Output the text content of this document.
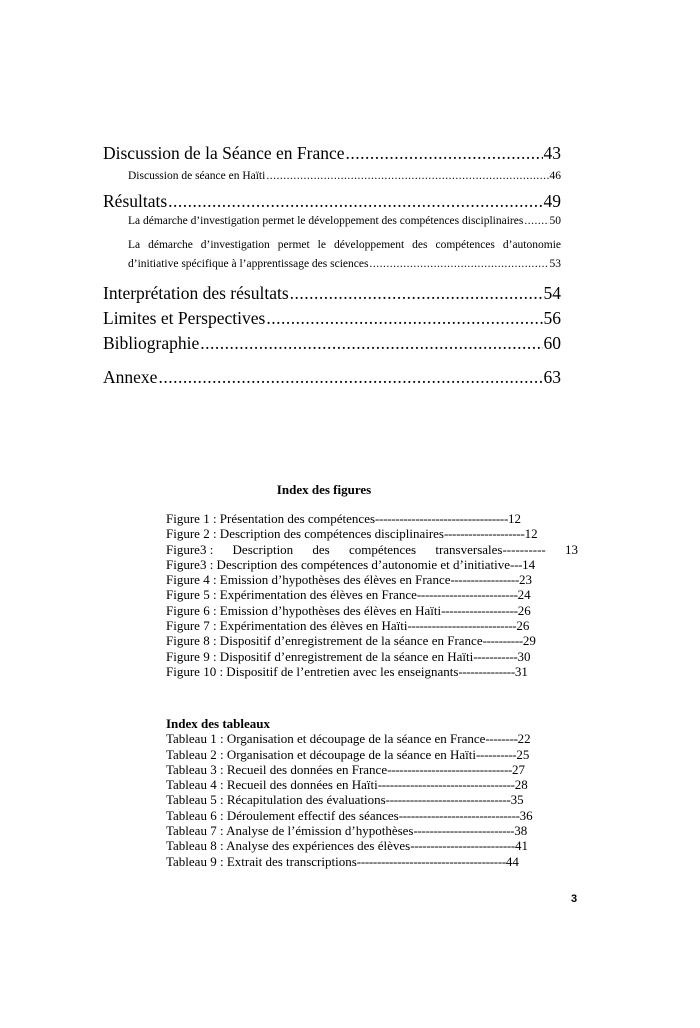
Discussion de la Séance en France .....	43
Discussion de séance en Haïti .....	46
Résultats .....	49
La démarche d’investigation permet le développement des compétences disciplinaires ..... 50
La démarche d’investigation permet le développement des compétences d’autonomie
d’initiative spécifique à l’apprentissage des sciences .....	53
Interprétation des résultats .....	54
Limites et Perspectives .....	56
Bibliographie .....	60
Annexe .....	63
Index des figures
Figure 1 : Présentation des compétences --------------------------------- 12
Figure 2 : Description des compétences disciplinaires -------------------- 12
Figure3 : Description des compétences transversales---------- 13
Figure3 : Description des compétences d’autonomie et d’initiative --- 14
Figure 4 : Emission d’hypothèses des élèves en France ----------------- 23
Figure 5 : Expérimentation des élèves en France ------------------------- 24
Figure 6 : Emission d’hypothèses des élèves en Haïti ------------------- 26
Figure 7 : Expérimentation des élèves en Haïti --------------------------- 26
Figure 8 : Dispositif d’enregistrement de la séance en France ---------- 29
Figure 9 : Dispositif d’enregistrement de la séance en Haïti ----------- 30
Figure 10 : Dispositif de l’entretien avec les enseignants -------------- 31
Index des tableaux
Tableau 1 : Organisation et découpage de la séance en France -------- 22
Tableau 2 : Organisation et découpage de la séance en Haïti ---------- 25
Tableau 3 : Recueil des données en France ------------------------------- 27
Tableau 4 : Recueil des données en Haïti ---------------------------------- 28
Tableau 5 : Récapitulation des évaluations ------------------------------- 35
Tableau 6 : Déroulement effectif des séances ------------------------------ 36
Tableau 7 : Analyse de l’émission d’hypothèses ------------------------- 38
Tableau 8 : Analyse des expériences des élèves -------------------------- 41
Tableau 9 : Extrait des transcriptions ------------------------------------- 44
3
